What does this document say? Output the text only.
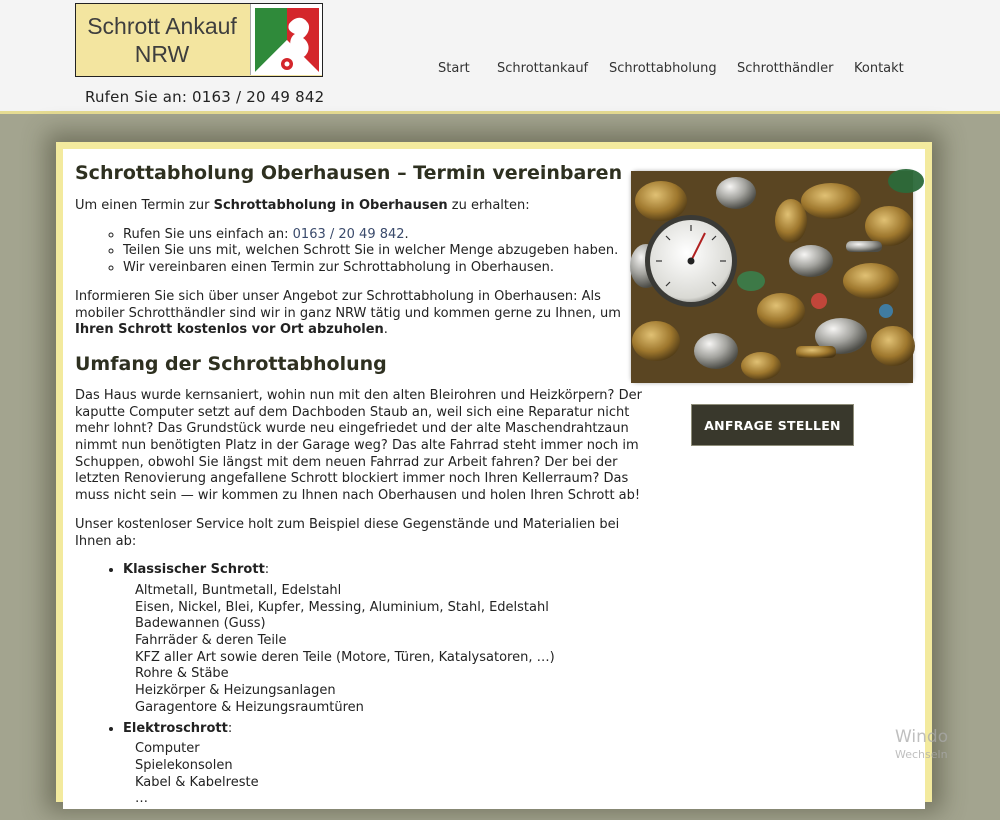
Schrott Ankauf
NRW
Rufen Sie an: 0163 / 20 49 842
Start Schrottankauf Schrottabholung Schrotthändler Kontakt
Schrottabholung Oberhausen – Termin vereinbaren

Um einen Termin zur Schrottabholung in Oberhausen zu erhalten:

◦ Rufen Sie uns einfach an: 0163 / 20 49 842.
◦ Teilen Sie uns mit, welchen Schrott Sie in welcher Menge abzugeben haben.
◦ Wir vereinbaren einen Termin zur Schrottabholung in Oberhausen.

Informieren Sie sich über unser Angebot zur Schrottabholung in Oberhausen: Als mobiler Schrotthändler sind wir in ganz NRW tätig und kommen gerne zu Ihnen, um Ihren Schrott kostenlos vor Ort abzuholen.

Umfang der Schrottabholung

Das Haus wurde kernsaniert, wohin nun mit den alten Bleirohren und Heizkörpern? Der kaputte Computer setzt auf dem Dachboden Staub an, weil sich eine Reparatur nicht mehr lohnt? Das Grundstück wurde neu eingefriedet und der alte Maschendrahtzaun nimmt nun benötigten Platz in der Garage weg? Das alte Fahrrad steht immer noch im Schuppen, obwohl Sie längst mit dem neuen Fahrrad zur Arbeit fahren? Der bei der letzten Renovierung angefallene Schrott blockiert immer noch Ihren Kellerraum? Das muss nicht sein — wir kommen zu Ihnen nach Oberhausen und holen Ihren Schrott ab!

Unser kostenloser Service holt zum Beispiel diese Gegenstände und Materialien bei Ihnen ab:

• Klassischer Schrott:
Altmetall, Buntmetall, Edelstahl
Eisen, Nickel, Blei, Kupfer, Messing, Aluminium, Stahl, Edelstahl
Badewannen (Guss)
Fahrräder & deren Teile
KFZ aller Art sowie deren Teile (Motore, Türen, Katalysatoren, …)
Rohre & Stäbe
Heizkörper & Heizungsanlagen
Garagentore & Heizungsraumtüren
• Elektroschrott:
Computer
Spielekonsolen
Kabel & Kabelreste
…
ANFRAGE STELLEN
Windo
Wechseln
